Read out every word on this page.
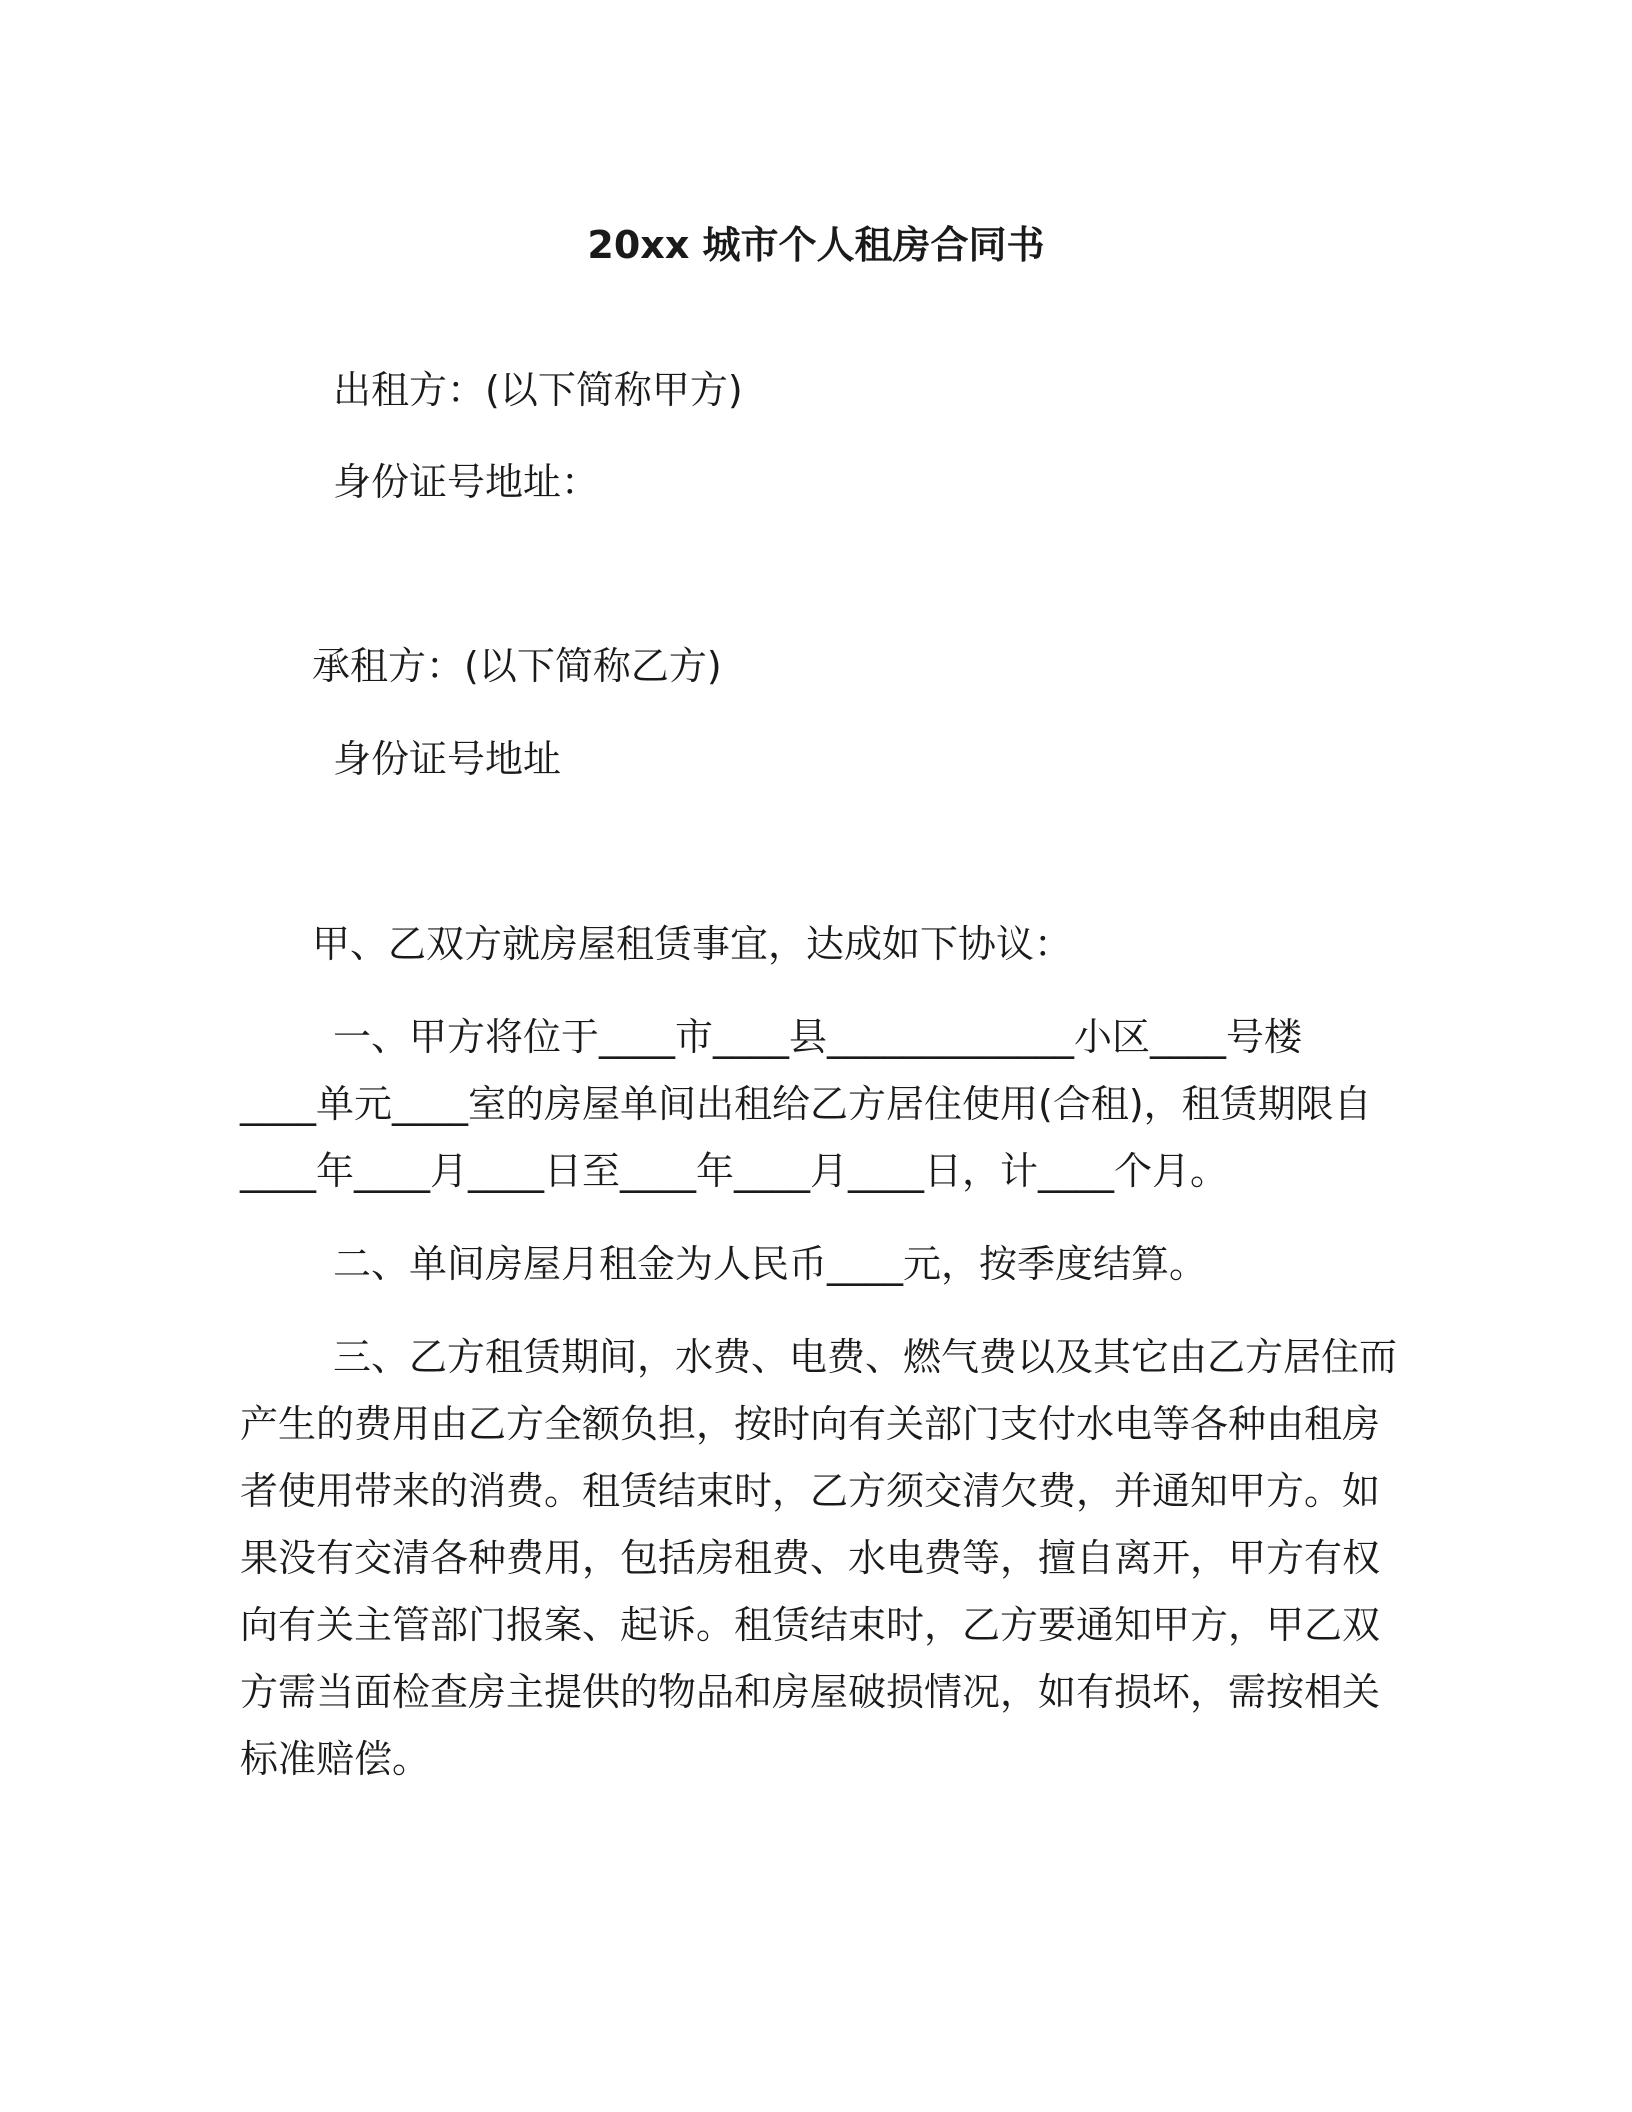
20xx 城市个人租房合同书

出租方：(以下简称甲方)

身份证号地址：

承租方：(以下简称乙方)

身份证号地址

甲、乙双方就房屋租赁事宜，达成如下协议：

一、甲方将位于____市____县_____________小区____号楼

____单元____室的房屋单间出租给乙方居住使用(合租)，租赁期限自

____年____月____日至____年____月____日，计____个月。

二、单间房屋月租金为人民币____元，按季度结算。

三、乙方租赁期间，水费、电费、燃气费以及其它由乙方居住而

产生的费用由乙方全额负担，按时向有关部门支付水电等各种由租房

者使用带来的消费。租赁结束时，乙方须交清欠费，并通知甲方。如

果没有交清各种费用，包括房租费、水电费等，擅自离开，甲方有权

向有关主管部门报案、起诉。租赁结束时，乙方要通知甲方，甲乙双

方需当面检查房主提供的物品和房屋破损情况，如有损坏，需按相关

标准赔偿。
